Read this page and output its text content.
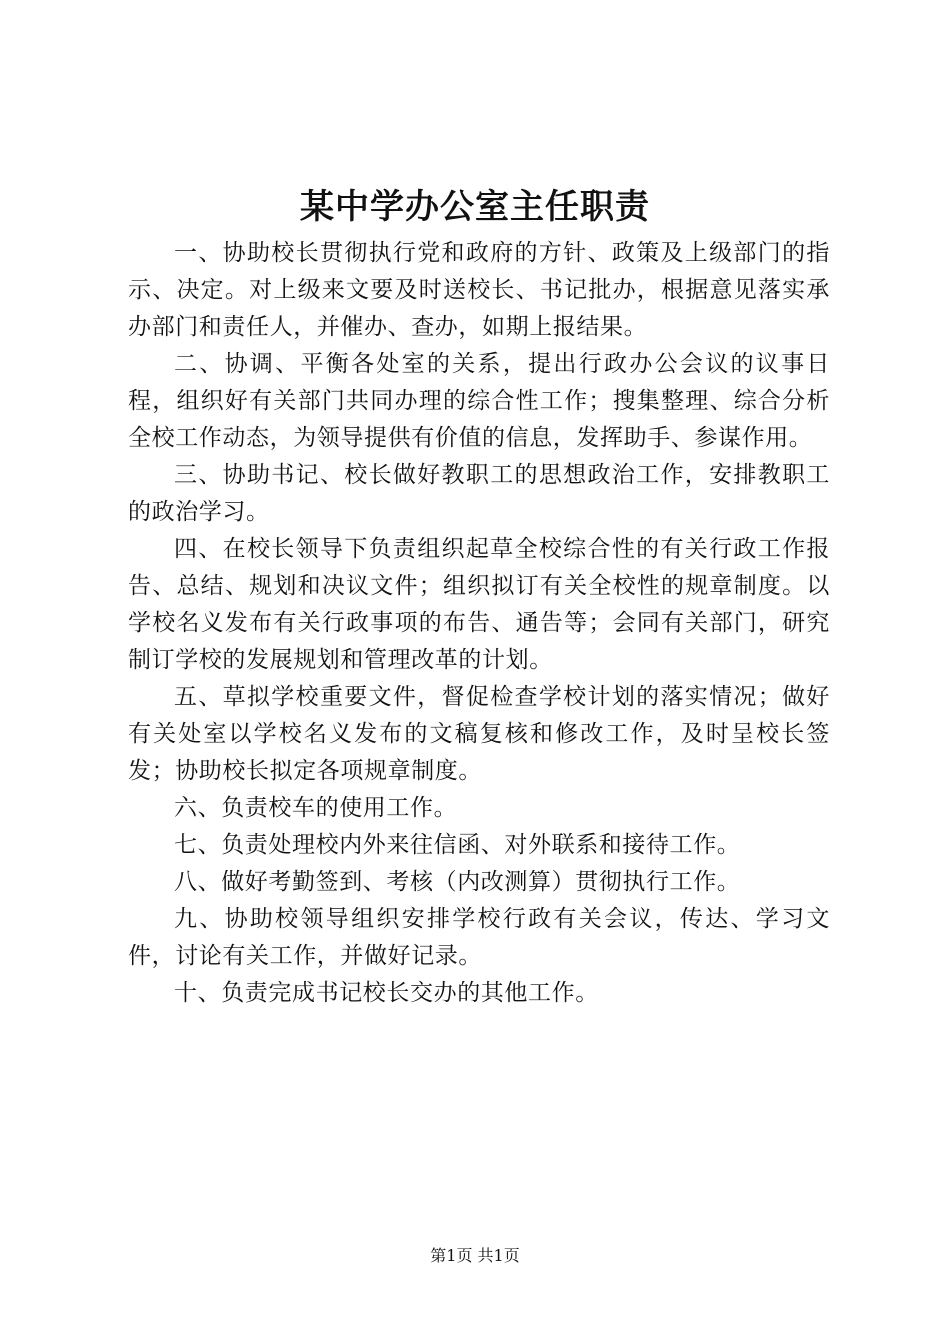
某中学办公室主任职责

一、协助校长贯彻执行党和政府的方针、政策及上级部门的指示、决定。对上级来文要及时送校长、书记批办，根据意见落实承办部门和责任人，并催办、查办，如期上报结果。

二、协调、平衡各处室的关系，提出行政办公会议的议事日程，组织好有关部门共同办理的综合性工作；搜集整理、综合分析全校工作动态，为领导提供有价值的信息，发挥助手、参谋作用。

三、协助书记、校长做好教职工的思想政治工作，安排教职工的政治学习。

四、在校长领导下负责组织起草全校综合性的有关行政工作报告、总结、规划和决议文件；组织拟订有关全校性的规章制度。以学校名义发布有关行政事项的布告、通告等；会同有关部门，研究制订学校的发展规划和管理改革的计划。

五、草拟学校重要文件，督促检查学校计划的落实情况；做好有关处室以学校名义发布的文稿复核和修改工作，及时呈校长签发；协助校长拟定各项规章制度。

六、负责校车的使用工作。

七、负责处理校内外来往信函、对外联系和接待工作。

八、做好考勤签到、考核（内改测算）贯彻执行工作。

九、协助校领导组织安排学校行政有关会议，传达、学习文件，讨论有关工作，并做好记录。

十、负责完成书记校长交办的其他工作。

第1页 共1页
